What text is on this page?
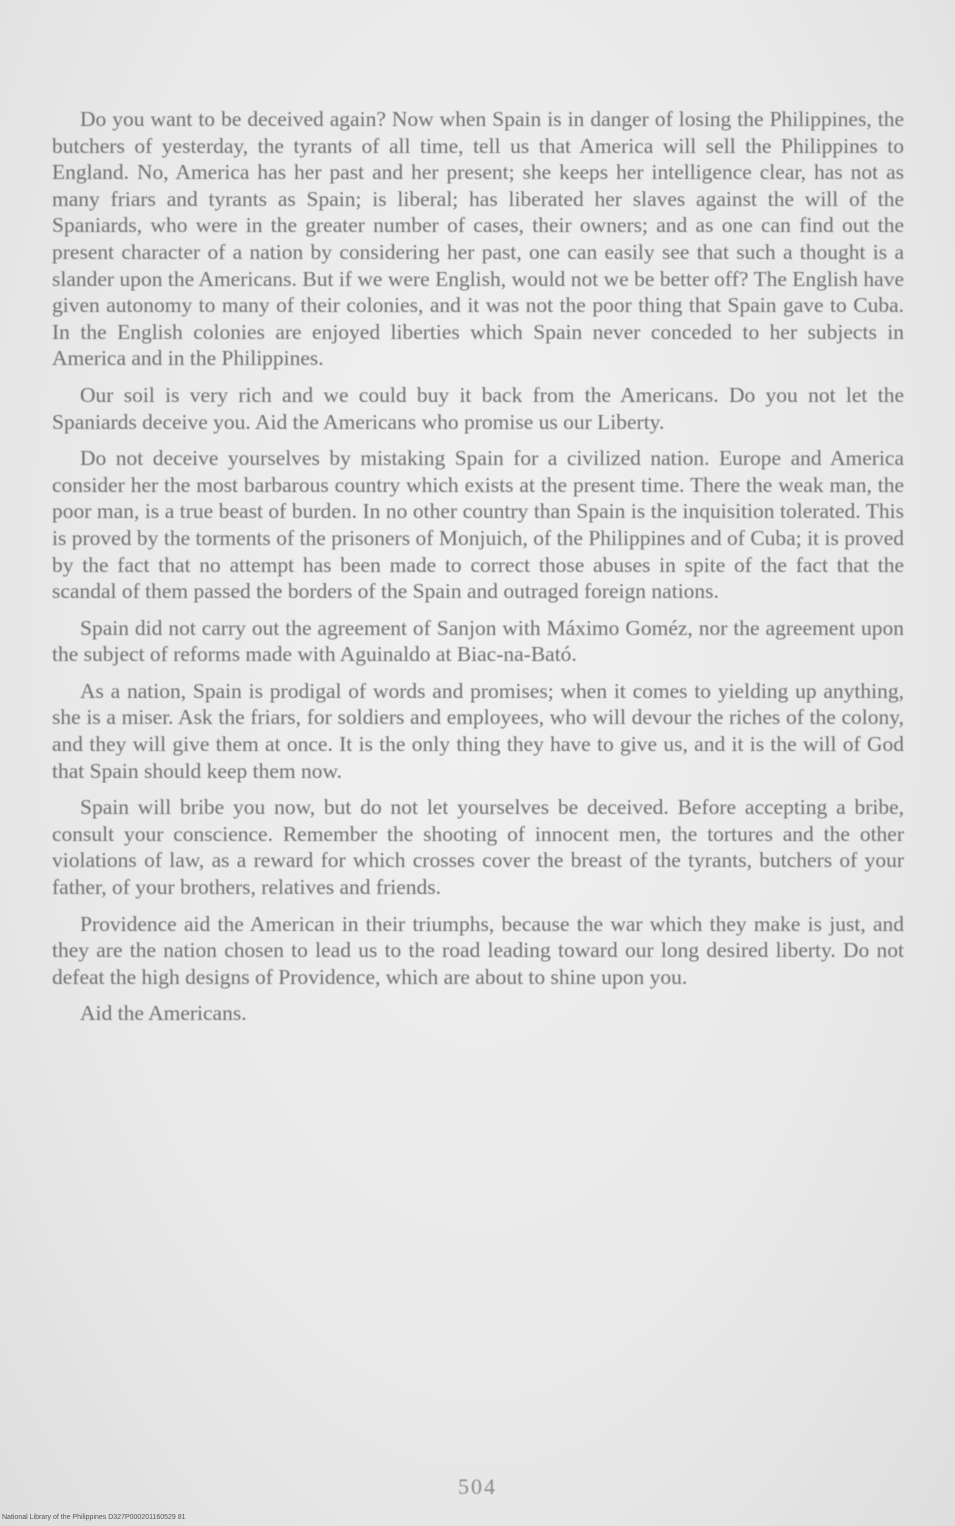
Do you want to be deceived again? Now when Spain is in danger of losing the Philippines, the butchers of yesterday, the tyrants of all time, tell us that America will sell the Philippines to England. No, America has her past and her present; she keeps her intelligence clear, has not as many friars and tyrants as Spain; is liberal; has liberated her slaves against the will of the Spaniards, who were in the greater number of cases, their owners; and as one can find out the present character of a nation by considering her past, one can easily see that such a thought is a slander upon the Americans. But if we were English, would not we be better off? The English have given autonomy to many of their colonies, and it was not the poor thing that Spain gave to Cuba. In the English colonies are enjoyed liberties which Spain never conceded to her subjects in America and in the Philippines.

Our soil is very rich and we could buy it back from the Americans. Do you not let the Spaniards deceive you. Aid the Americans who promise us our Liberty.

Do not deceive yourselves by mistaking Spain for a civilized nation. Europe and America consider her the most barbarous country which exists at the present time. There the weak man, the poor man, is a true beast of burden. In no other country than Spain is the inquisition tolerated. This is proved by the torments of the prisoners of Monjuich, of the Philippines and of Cuba; it is proved by the fact that no attempt has been made to correct those abuses in spite of the fact that the scandal of them passed the borders of the Spain and outraged foreign nations.

Spain did not carry out the agreement of Sanjon with Máximo Goméz, nor the agreement upon the subject of reforms made with Aguinaldo at Biac-na-Bató.

As a nation, Spain is prodigal of words and promises; when it comes to yielding up anything, she is a miser. Ask the friars, for soldiers and employees, who will devour the riches of the colony, and they will give them at once. It is the only thing they have to give us, and it is the will of God that Spain should keep them now.

Spain will bribe you now, but do not let yourselves be deceived. Before accepting a bribe, consult your conscience. Remember the shooting of innocent men, the tortures and the other violations of law, as a reward for which crosses cover the breast of the tyrants, butchers of your father, of your brothers, relatives and friends.

Providence aid the American in their triumphs, because the war which they make is just, and they are the nation chosen to lead us to the road leading toward our long desired liberty. Do not defeat the high designs of Providence, which are about to shine upon you.

Aid the Americans.

504
National Library of the Philippines D327P000201160529 81
